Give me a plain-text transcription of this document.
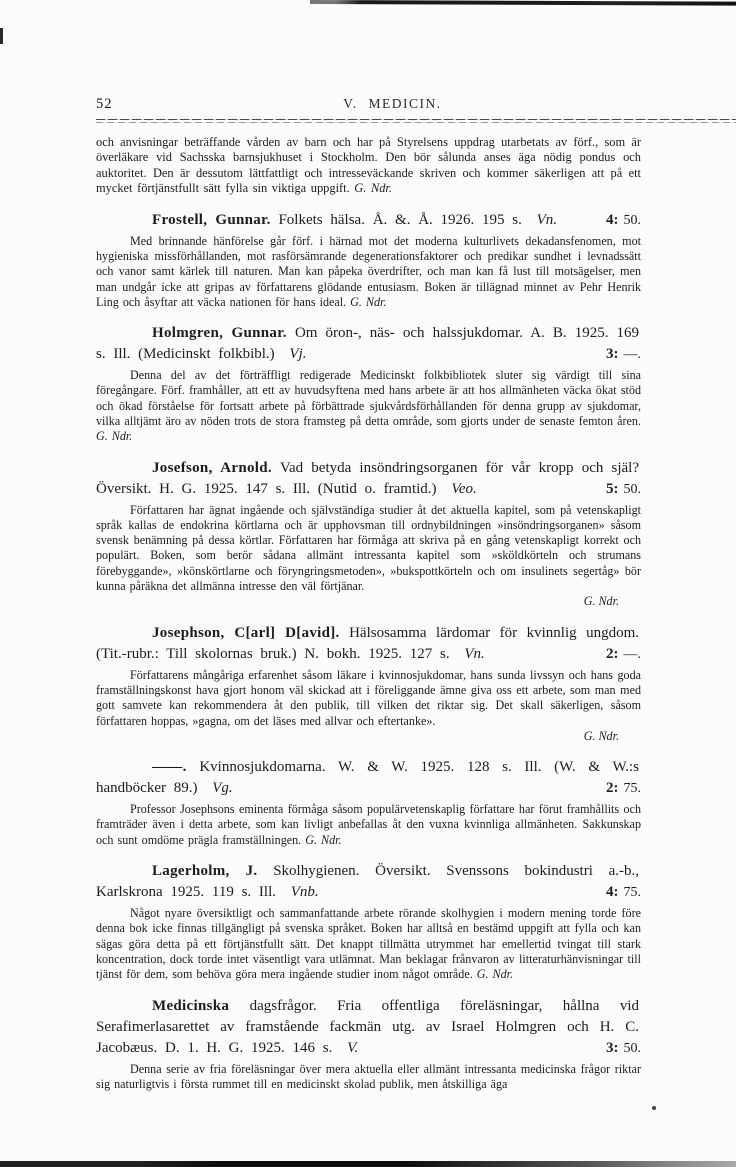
52	V. MEDICIN.

och anvisningar beträffande vården av barn och har på Styrelsens uppdrag utarbetats av förf., som är överläkare vid Sachsska barnsjukhuset i Stockholm. Den bör sålunda anses äga nödig pondus och auktoritet. Den är dessutom lättfattligt och intresseväckande skriven och kommer säkerligen att på ett mycket förtjänstfullt sätt fylla sin viktiga uppgift. G. Ndr.

Frostell, Gunnar. Folkets hälsa. Å. &. Å. 1926. 195 s. Vn.	4: 50.

Med brinnande hänförelse går förf. i härnad mot det moderna kulturlivets dekadansfenomen, mot hygieniska missförhållanden, mot rasförsämrande degenerationsfaktorer och predikar sundhet i levnadssätt och vanor samt kärlek till naturen. Man kan påpeka överdrifter, och man kan få lust till motsägelser, men man undgår icke att gripas av författarens glödande entusiasm. Boken är tillägnad minnet av Pehr Henrik Ling och åsyftar att väcka nationen för hans ideal. G. Ndr.

Holmgren, Gunnar. Om öron-, näs- och halssjukdomar. A. B. 1925. 169 s. Ill. (Medicinskt folkbibl.) Vj.	3: —.

Denna del av det förträffligt redigerade Medicinskt folkbibliotek sluter sig värdigt till sina föregångare. Förf. framhåller, att ett av huvudsyftena med hans arbete är att hos allmänheten väcka ökat stöd och ökad förståelse för fortsatt arbete på förbättrade sjukvårdsförhållanden för denna grupp av sjukdomar, vilka alltjämt äro av nöden trots de stora framsteg på detta område, som gjorts under de senaste femton åren. G. Ndr.

Josefson, Arnold. Vad betyda insöndringsorganen för vår kropp och själ? Översikt. H. G. 1925. 147 s. Ill. (Nutid o. framtid.) Veo.	5: 50.

Författaren har ägnat ingående och självständiga studier åt det aktuella kapitel, som på vetenskapligt språk kallas de endokrina körtlarna och är upphovsman till ordnybildningen »insöndringsorganen» såsom svensk benämning på dessa körtlar. Författaren har förmåga att skriva på en gång vetenskapligt korrekt och populärt. Boken, som berör sådana allmänt intressanta kapitel som »sköldkörteln och strumans förebyggande», »könskörtlarne och föryngringsmetoden», »bukspottkörteln och om insulinets segertåg» bör kunna påräkna det allmänna intresse den väl förtjänar.

G. Ndr.

Josephson, C[arl] D[avid]. Hälsosamma lärdomar för kvinnlig ungdom. (Tit.-rubr.: Till skolornas bruk.) N. bokh. 1925. 127 s. Vn.	2: —.

Författarens mångåriga erfarenhet såsom läkare i kvinnosjukdomar, hans sunda livssyn och hans goda framställningskonst hava gjort honom väl skickad att i föreliggande ämne giva oss ett arbete, som man med gott samvete kan rekommendera åt den publik, till vilken det riktar sig. Det skall säkerligen, såsom författaren hoppas, »gagna, om det läses med allvar och eftertanke».

G. Ndr.

——. Kvinnosjukdomarna. W. & W. 1925. 128 s. Ill. (W. & W.:s handböcker 89.) Vg.	2: 75.

Professor Josephsons eminenta förmåga såsom populärvetenskaplig författare har förut framhållits och framträder även i detta arbete, som kan livligt anbefallas åt den vuxna kvinnliga allmänheten. Sakkunskap och sunt omdöme prägla framställningen. G. Ndr.

Lagerholm, J. Skolhygienen. Översikt. Svenssons bokindustri a.-b., Karlskrona 1925. 119 s. Ill. Vnb.	4: 75.

Något nyare översiktligt och sammanfattande arbete rörande skolhygien i modern mening torde före denna bok icke finnas tillgängligt på svenska språket. Boken har alltså en bestämd uppgift att fylla och kan sägas göra detta på ett förtjänstfullt sätt. Det knappt tillmätta utrymmet har emellertid tvingat till stark koncentration, dock torde intet väsentligt vara utlämnat. Man beklagar frånvaron av litteraturhänvisningar till tjänst för dem, som behöva göra mera ingående studier inom något område. G. Ndr.

Medicinska dagsfrågor. Fria offentliga föreläsningar, hållna vid Serafimerlasarettet av framstående fackmän utg. av Israel Holmgren och H. C. Jacobæus. D. 1. H. G. 1925. 146 s. V.	3: 50.

Denna serie av fria föreläsningar över mera aktuella eller allmänt intressanta medicinska frågor riktar sig naturligtvis i första rummet till en medicinskt skolad publik, men åtskilliga äga
